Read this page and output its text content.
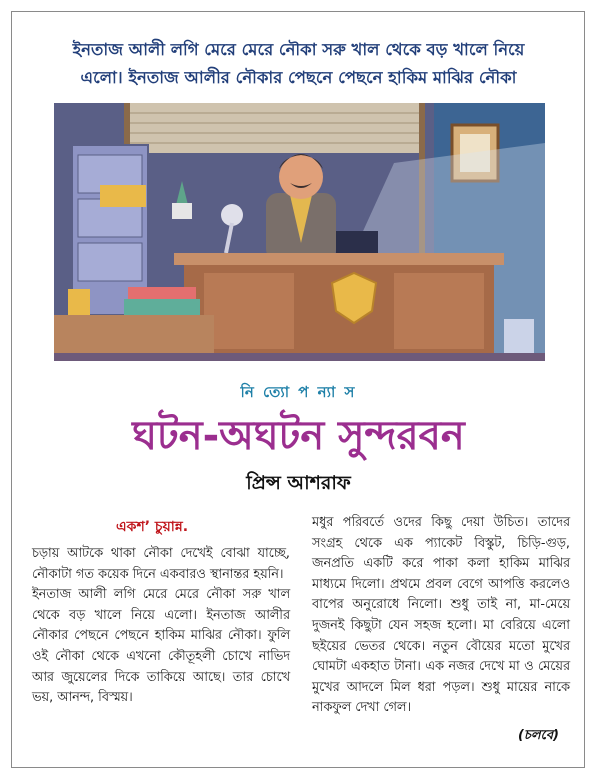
ইনতাজ আলী লগি মেরে মেরে নৌকা সরু খাল থেকে বড় খালে নিয়ে
এলো। ইনতাজ আলীর নৌকার পেছনে পেছনে হাকিম মাঝির নৌকা
নি ত্যো প ন্যা স
ঘটন-অঘটন সুন্দরবন
প্রিন্স আশরাফ
একশ’ চুয়ান্ন.

চড়ায় আটকে থাকা নৌকা দেখেই বোঝা যাচ্ছে, নৌকাটা গত কয়েক দিনে একবারও স্থানান্তর হয়নি।

ইনতাজ আলী লগি মেরে মেরে নৌকা সরু খাল থেকে বড় খালে নিয়ে এলো। ইনতাজ আলীর নৌকার পেছনে পেছনে হাকিম মাঝির নৌকা। ফুলি ওই নৌকা থেকে এখনো কৌতূহলী চোখে নাভিদ আর জুয়েলের দিকে তাকিয়ে আছে। তার চোখে ভয়, আনন্দ, বিস্ময়।

মধুর পরিবর্তে ওদের কিছু দেয়া উচিত। তাদের সংগ্রহ থেকে এক প্যাকেট বিস্কুট, চিড়ি-গুড়, জনপ্রতি একটি করে পাকা কলা হাকিম মাঝির মাধ্যমে দিলো। প্রথমে প্রবল বেগে আপত্তি করলেও বাপের অনুরোধে নিলো। শুধু তাই না, মা-মেয়ে দুজনই কিছুটা যেন সহজ হলো। মা বেরিয়ে এলো ছইয়ের ভেতর থেকে। নতুন বৌয়ের মতো মুখের ঘোমটা একহাত টানা। এক নজর দেখে মা ও মেয়ের মুখের আদলে মিল ধরা পড়ল। শুধু মায়ের নাকে নাকফুল দেখা গেল।

(চলবে)
